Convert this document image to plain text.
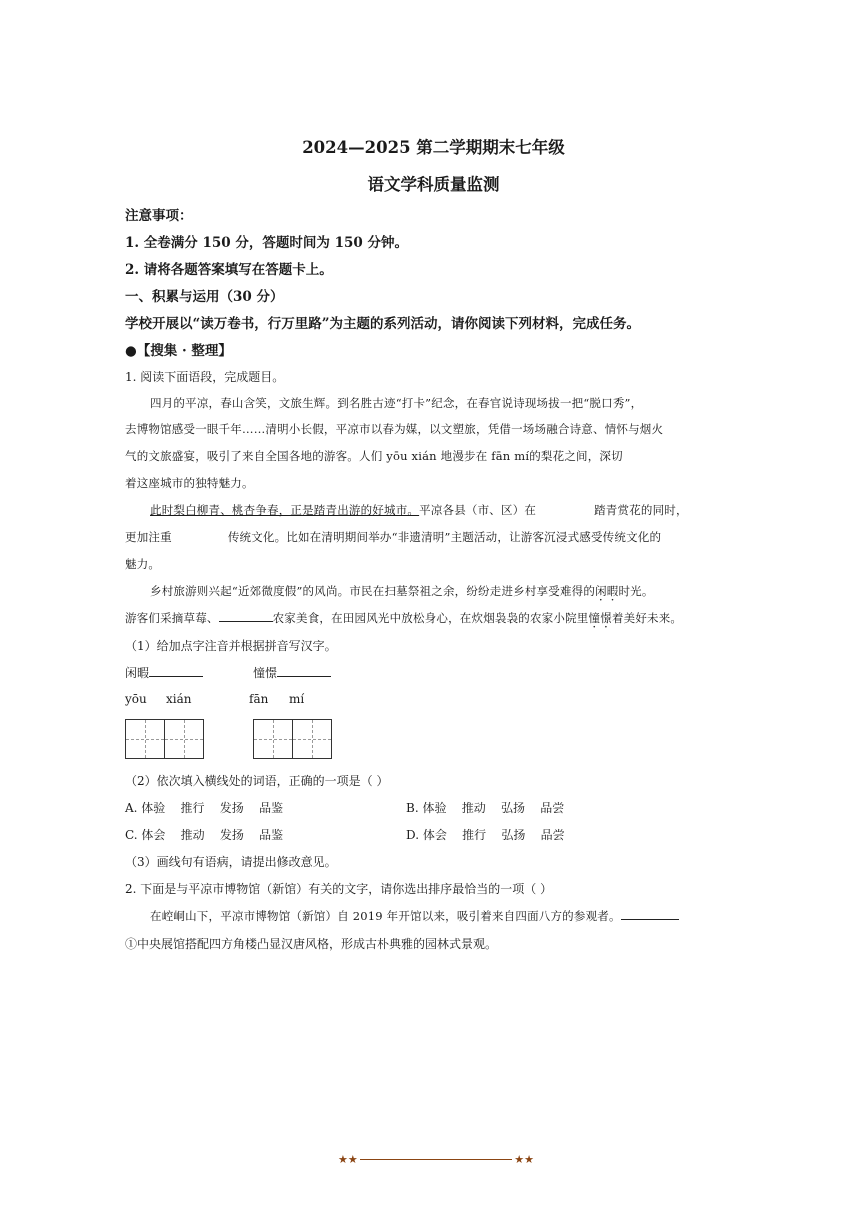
2024—2025 第二学期期末七年级
语文学科质量监测
注意事项：
1. 全卷满分 150 分，答题时间为 150 分钟。
2. 请将各题答案填写在答题卡上。
一、积累与运用（30 分）
学校开展以“读万卷书，行万里路”为主题的系列活动，请你阅读下列材料，完成任务。
●【搜集 · 整理】
1. 阅读下面语段，完成题目。
四月的平凉，春山含笑，文旅生辉。到名胜古迹“打卡”纪念，在春官说诗现场拔一把“脱口秀”，
去博物馆感受一眼千年……清明小长假，平凉市以春为媒，以文塑旅，凭借一场场融合诗意、情怀与烟火
气的文旅盛宴，吸引了来自全国各地的游客。人们 yōu xián 地漫步在 fān mí的梨花之间，深切
着这座城市的独特魅力。
此时梨白柳青、桃杏争春，正是踏青出游的好城市。平凉各县（市、区）在	踏青赏花的同时，
更加注重	传统文化。比如在清明期间举办“非遗清明”主题活动，让游客沉浸式感受传统文化的
魅力。
乡村旅游则兴起“近郊微度假”的风尚。市民在扫墓祭祖之余，纷纷走进乡村享受难得的闲暇时光。
游客们采摘草莓、	农家美食，在田园风光中放松身心，在炊烟袅袅的农家小院里憧憬着美好未来。
（1）给加点字注音并根据拼音写汉字。
闲暇	憧憬
yōu xián	fān mí
（2）依次填入横线处的词语，正确的一项是（ ）
A. 体验    推行    发扬    品鉴	B. 体验    推动    弘扬    品尝
C. 体会    推动    发扬    品鉴	D. 体会    推行    弘扬    品尝
（3）画线句有语病，请提出修改意见。
2. 下面是与平凉市博物馆（新馆）有关的文字，请你选出排序最恰当的一项（ ）
在崆峒山下，平凉市博物馆（新馆）自 2019 年开馆以来，吸引着来自四面八方的参观者。
①中央展馆搭配四方角楼凸显汉唐风格，形成古朴典雅的园林式景观。
★★	★★
